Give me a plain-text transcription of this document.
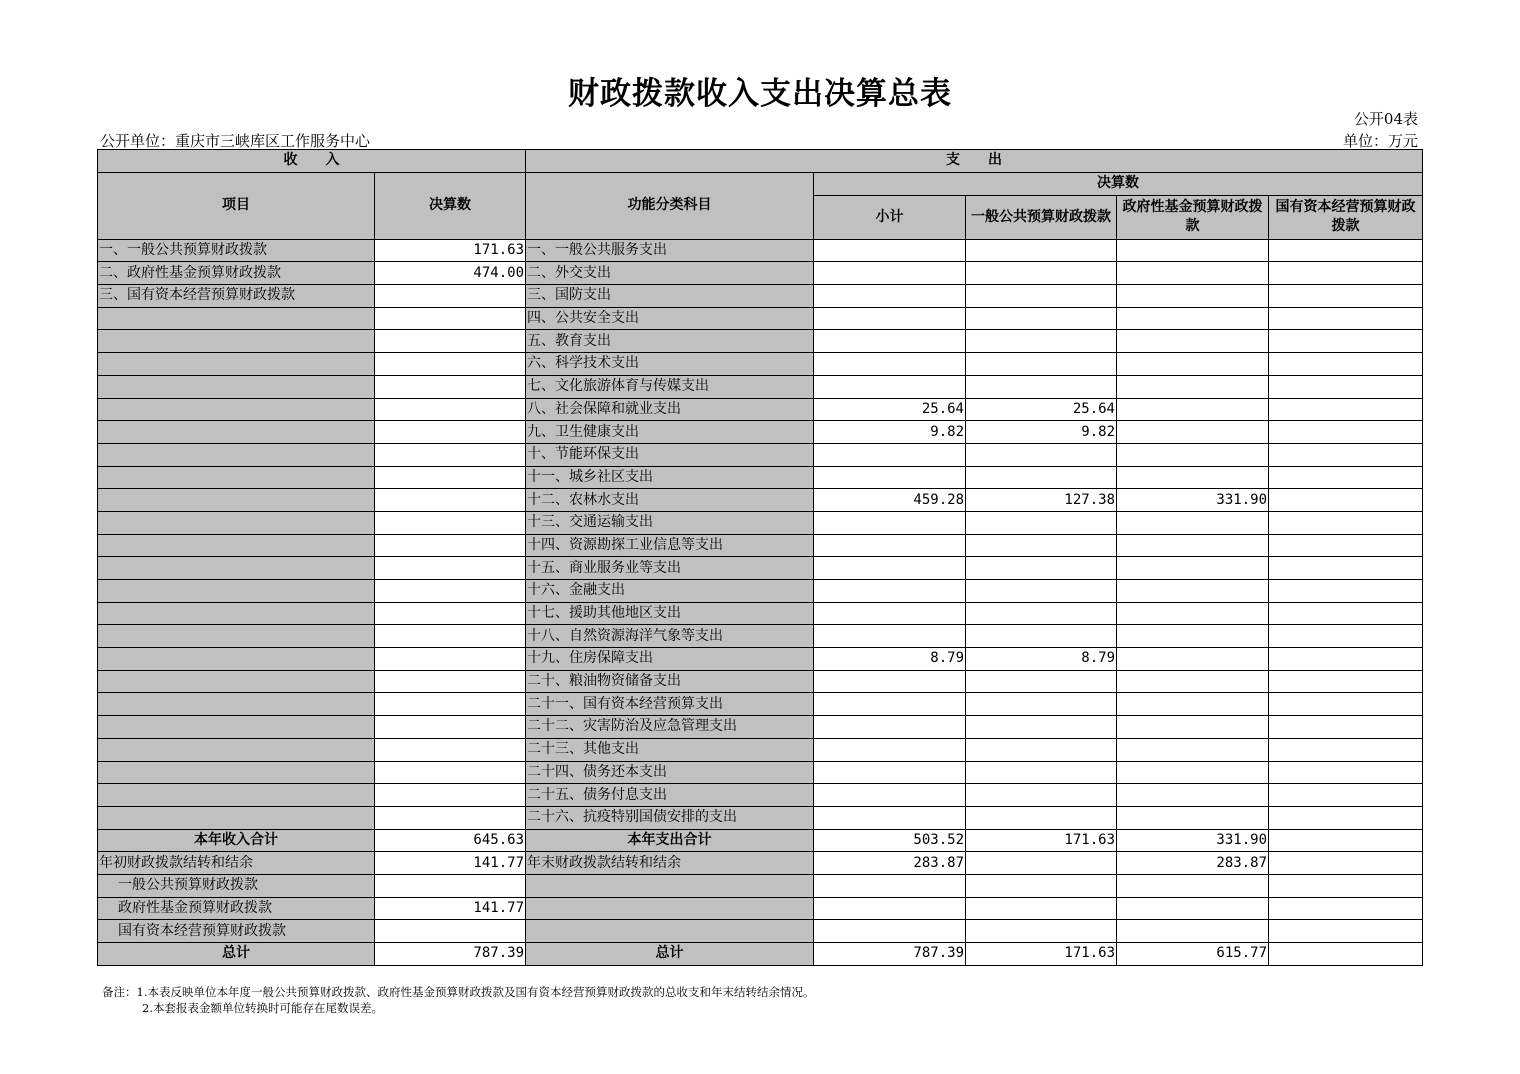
财政拨款收入支出决算总表
公开04表
公开单位：重庆市三峡库区工作服务中心	单位：万元
收　　入		支　　出				
项目	决算数	功能分类科目	决算数			
			小计	一般公共预算财政拨款	政府性基金预算财政拨款	国有资本经营预算财政拨款
一、一般公共预算财政拨款	171.63	一、一般公共服务支出				
二、政府性基金预算财政拨款	474.00	二、外交支出				
三、国有资本经营预算财政拨款		三、国防支出				
		四、公共安全支出				
		五、教育支出				
		六、科学技术支出				
		七、文化旅游体育与传媒支出				
		八、社会保障和就业支出	25.64	25.64		
		九、卫生健康支出	9.82	9.82		
		十、节能环保支出				
		十一、城乡社区支出				
		十二、农林水支出	459.28	127.38	331.90	
		十三、交通运输支出				
		十四、资源勘探工业信息等支出				
		十五、商业服务业等支出				
		十六、金融支出				
		十七、援助其他地区支出				
		十八、自然资源海洋气象等支出				
		十九、住房保障支出	8.79	8.79		
		二十、粮油物资储备支出				
		二十一、国有资本经营预算支出				
		二十二、灾害防治及应急管理支出				
		二十三、其他支出				
		二十四、债务还本支出				
		二十五、债务付息支出				
		二十六、抗疫特别国债安排的支出				
本年收入合计	645.63	本年支出合计	503.52	171.63	331.90	
年初财政拨款结转和结余	141.77	年末财政拨款结转和结余	283.87		283.87	
一般公共预算财政拨款						
政府性基金预算财政拨款	141.77					
国有资本经营预算财政拨款						
总计	787.39	总计	787.39	171.63	615.77	
备注：1.本表反映单位本年度一般公共预算财政拨款、政府性基金预算财政拨款及国有资本经营预算财政拨款的总收支和年末结转结余情况。
2.本套报表金额单位转换时可能存在尾数误差。
